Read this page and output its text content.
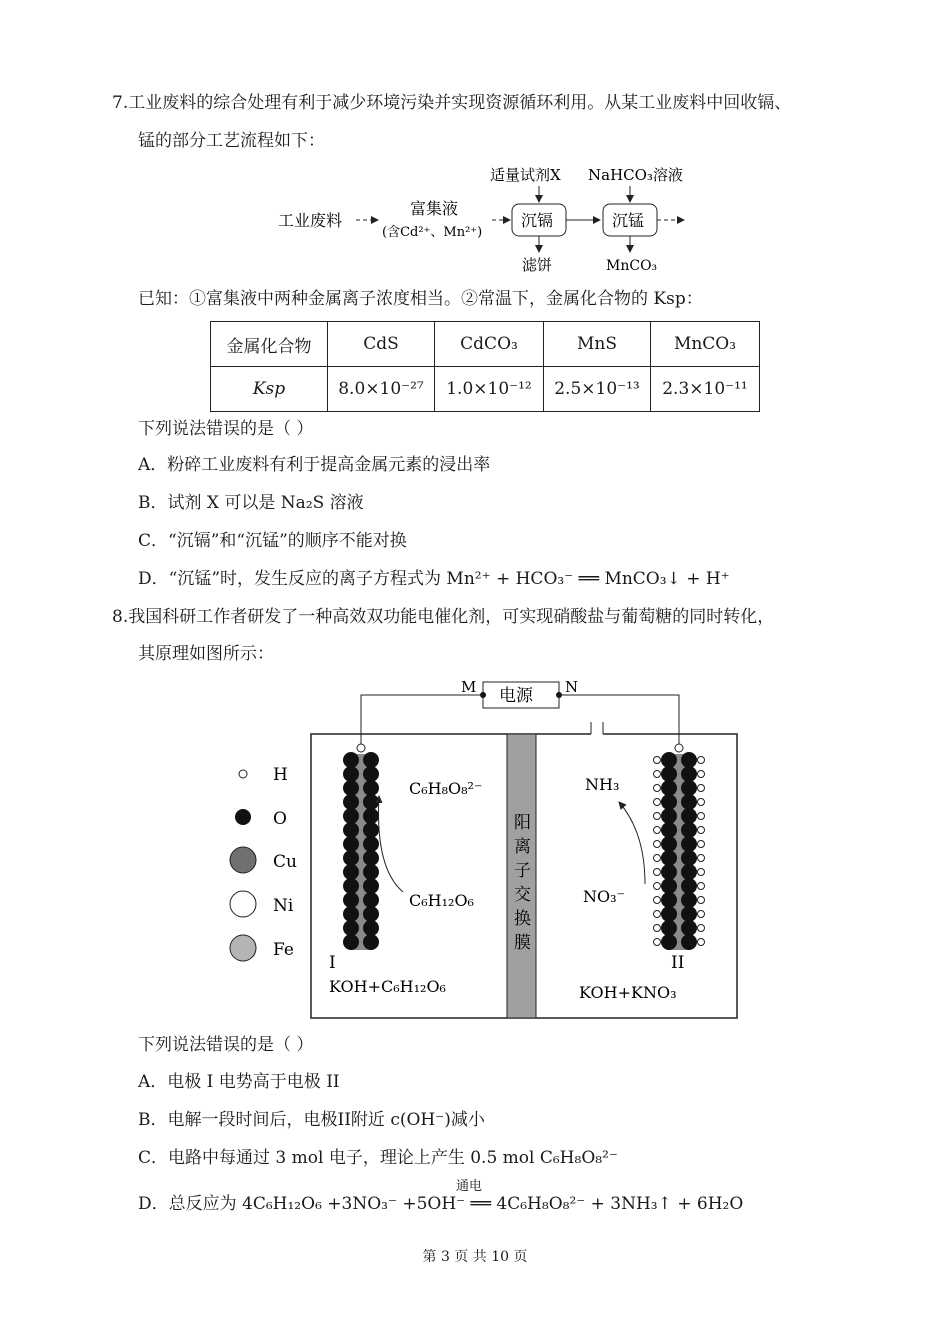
7.工业废料的综合处理有利于减少环境污染并实现资源循环利用。从某工业废料中回收镉、
锰的部分工艺流程如下：
工业废料
富集液
(含Cd²⁺、Mn²⁺)
沉镉
适量试剂X
滤饼
沉锰
NaHCO₃溶液
MnCO₃
已知：①富集液中两种金属离子浓度相当。②常温下，金属化合物的 Ksp：
金属化合物	CdS	CdCO₃	MnS	MnCO₃
Ksp	8.0×10⁻²⁷	1.0×10⁻¹²	2.5×10⁻¹³	2.3×10⁻¹¹
下列说法错误的是（ ）
A．粉碎工业废料有利于提高金属元素的浸出率
B．试剂 X 可以是 Na₂S 溶液
C．“沉镉”和“沉锰”的顺序不能对换
D．“沉锰”时，发生反应的离子方程式为 Mn²⁺ + HCO₃⁻ ══ MnCO₃↓ + H⁺
8.我国科研工作者研发了一种高效双功能电催化剂，可实现硝酸盐与葡萄糖的同时转化，
其原理如图所示：
电源
M	N
阳
离
子
交
换
膜
H
O
Cu
Ni
Fe
C₆H₈O₈²⁻
C₆H₁₂O₆
I
KOH+C₆H₁₂O₆
NH₃
NO₃⁻
II
KOH+KNO₃
下列说法错误的是（ ）
A．电极 I 电势高于电极 II
B．电解一段时间后，电极II附近 c(OH⁻)减小
C．电路中每通过 3 mol 电子，理论上产生 0.5 mol C₆H₈O₈²⁻
通电
D．总反应为 4C₆H₁₂O₆ +3NO₃⁻ +5OH⁻ ══ 4C₆H₈O₈²⁻ + 3NH₃↑ + 6H₂O
第 3 页 共 10 页
